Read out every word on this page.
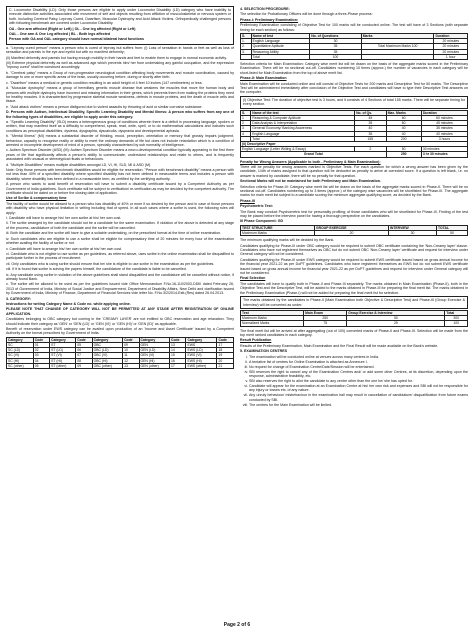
C. Locomotor Disability (LD): Only those persons are eligible to apply under Locomotor Disability (LD) category who have inability to execute distinctive activities associated with movement of self and objects resulting from affliction of musculoskeletal or nervous system or both. Including Cerebral Palsy, Leprosy Cured, Dwarfism, Muscular Dystrophy and Acid Attack Victims. Orthopedically challenged persons with following benchmark are covered under Locomotor Disability.

OA - One arm affected (Right or Left) | OL - One leg affected (Right or Left)

OAL - One arm & One Leg affected | BL - Both legs affected

Person with OA and OAL category should have normal bilateral hand functions

a. "Leprosy cured person" means a person who is cured of leprosy but suffers from: (i) Loss of sensation in hands or feet as well as loss of sensation and paresis in the eye and eyelid but with no manifest deformity;

(ii) Manifest deformity and paresis but having enough mobility in their hands and feet to enable them to engage in normal economic activity.

(iii) Extreme physical deformity as well as advanced age which prevents him/ her from undertaking any gainful occupation, and the expression "leprosy cured" shall be construed accordingly.

b. "Cerebral palsy" means a Group of non-progressive neurological condition affecting body movements and muscle coordination, caused by damage to one or more specific areas of the brain, usually occurring before, during or shortly after birth.

c. "Dwarfism" means a medical or genetic condition resulting in an adult height of 4 feet 10 inches (147 centimeters) or less.

d. "Muscular dystrophy" means a group of hereditary genetic muscle disease that weakens the muscles that move the human body and persons with multiple dystrophy have incorrect and missing information in their genes, which prevents them from making the proteins they need for healthy muscles. It is characterised by progressive skeletal muscle weakness, defects in muscle proteins, and the death of muscle cells and tissue.

e. "Acid attack victims" means a person disfigured due to violent assaults by throwing of acid or similar corrosive substance.

D. Persons with Autism, Intellectual Disability, Specific Learning Disability and Mental Illness: A person who suffers from any one of the following types of disabilities, are eligible to apply under this category.

a. "Specific Learning Disability" (SLD) means a heterogeneous group of conditions wherein there is a deficit in processing language, spoken or written, that may manifest itself as a difficulty to comprehend, speak, read, write, spell, or to do mathematical calculations and includes such conditions as perceptual disabilities, dyslexia, dysgraphia, dyscalculia, dyspraxia and developmental aphasia.

b. "Mental Illness" (MI) means a substantial disorder of thinking, mood, perception, orientation or memory that grossly impairs judgment, behaviour, capacity to recognise reality or ability to meet the ordinary demands of life but does not include retardation which is a condition of arrested or incomplete development of mind of a person, specially characterised by sub normality of intelligence.

c. Autism Spectrum Disorder (ASD) (M): Autism Spectrum Disorder means a neuro-developmental condition typically appearing in the first three years of life that significantly affects a person's ability to communicate, understand relationships and relate to others, and is frequently associated with unusual or stereotypical rituals or behaviours.

d. "Multiple Disabilities" means multiple disabilities amongst LD, VI, HI, SLD, MI & ASD (M).

Note: Only those persons with benchmark disabilities would be eligible for reservation. "Person with benchmark disability" means a person with not less than 40% of a specified disability where specified disability has not been defined in measurable terms and includes a person with disability, where disability has been defined in a measurable term, as certified by the certifying authority.

A person who wants to avail benefit of reservation will have to submit a disability certificate issued by a Competent Authority as per Government of India guidelines. Such certificate will be subject to verification/ re-verification as may be decided by the competent authority. The certificate should be dated on or before the closing date of application.

Use of Scribe & compensatory time

The facility of scribe would be allowed to a person who has disability of 40% or more if so desired by the person and in case of those persons with disability who have physical limitation in writing including that of speed. In all such cases where a scribe is used, the following rules will apply:

i. Candidate will have to arrange his/ her own scribe at his/ her own cost.

ii. The scribe arranged by the candidate should not be a candidate for the same examination. If violation of the above is detected at any stage of the process, candidature of both the candidate and the scribe will be cancelled.

iii. Both the candidate and the scribe will have to give a suitable undertaking, on the prescribed format at the time of online examination.

iv. Such candidates who are eligible to use a scribe shall be eligible for compensatory time of 20 minutes for every hour of the examination whether availing the facility of scribe or not.

v. Candidate will have to arrange his/ her own scribe at his/ her own cost.

vi. Candidate who is not eligible to use scribe as per guidelines, as referred above, uses scribe in the online examination shall be disqualified to participate further in the process of recruitment.

vii. Only candidates who is using scribe should ensure that he/ she is eligible to use scribe in the examination as per the guidelines.

viii. If it is found that scribe is solving the papers himself, the candidature of the candidate is liable to be cancelled.

ix. Any candidate using scribe in violation of the above guidelines shall stand disqualified and the candidature will be cancelled without notice, if already found Bank.

x. The scribe will be allowed to be used as per the guidelines issued vide Office Memorandum F.No.16-110/2003-DDIII dated February 26, 2013 of Government of India, Ministry of Social Justice and Empowerment, Department of Disability Affairs, New Delhi and clarification issued by Government of India, Ministry of Finance, Department of Financial Services vide letter No. F.No.3/2/2014-Estt.(Res) dated 26.04.2013.

3. CATEGORY:

Instructions for writing Category Name & Code no. while applying online.

PLEASE NOTE THAT CHANGE OF CATEGORY WILL NOT BE PERMITTED AT ANY STAGE AFTER REGISTRATION OF ONLINE APPLICATION.

Candidates belonging to OBC category but coming in the 'CREAMY LAYER' are not entitled to OBC reservation and age relaxation. They should indicate their category as 'GEN' or 'GEN (LD)' or 'GEN (VI)' or 'GEN (HI)' or 'GEN (ID)' as applicable.

Benefit of reservation under EWS category can be availed upon production of an 'Income and Asset Certificate' issued by a Competent Authority on the format prescribed by Government of India.

Category	Code	Category	Code	Category	Code	Category	Code	Category	Code
SC	01	ST	05	OBC	09	GEN	13	EWS	17
SC (LD)	02	ST (LD)	06	OBC (LD)	10	GEN (LD)	14	EWS (LD)	18
SC (VI)	03	ST (VI)	07	OBC (VI)	11	GEN (VI)	15	EWS (VI)	19
SC (HI)	04	ST (HI)	08	OBC (HI)	12	GEN (HI)	16	EWS (HI)	20
SC (other)	05	ST (other)	09	OBC (other)	13	GEN (other)	17	EWS (other)	21

4. SELECTION PROCEDURE:

The selection for Probationary Officers will be done through a three-Phase process:

Phase-I: Preliminary Examination:

Preliminary Examination consisting of Objective Test for 100 marks will be conducted online. The test will have of 3 Sections (with separate timing for each section) as follows:

S.	Name of test	No. of Questions	Marks	Duration
1.	English Language	30		20 minutes
2.	Quantitative Aptitude	35	Total Maximum Marks 100	20 minutes
3.	Reasoning Ability	35		20 minutes
	Total	100		1 hour

Selection criteria for Main Examination: Category wise merit list will be drawn on the basis of the aggregate marks scored in the Preliminary Examination. There will be no sectional cut-off. Candidates numbering 10 times (approx.) the number of vacancies in each category will be short-listed for Main Examination from the top of above merit list.

Phase-II: Main Examination

Main Examination will be conducted online and will consist of Objective Tests for 200 marks and Descriptive Test for 50 marks. The Descriptive Test will be administered immediately after conclusion of the Objective Test and candidates will have to type their Descriptive Test answers on the computer.

(i) Objective Test: The duration of objective test is 3 hours, and it consists of 4 Sections of total 155 marks. There will be separate timing for every section.

S.	Name of the test	No. of Qs.	Max. Marks	Duration
1	Reasoning & Computer Aptitude	45	60	60 minutes
2	Data Analysis & Interpretation	35	60	45 minutes
3	General/ Economy/ Banking Awareness	40	40	35 minutes
4	English Language	35	40	40 minutes
	Total	155	200	3 hours
(ii) Descriptive Paper				
English Language (Letter Writing & Essay)		2	50	30 minutes
Grand Total			250	3 hr 30 minutes

Penalty for Wrong Answers (Applicable to both - Preliminary & Main Examination):

There will be penalty for wrong answers marked in Objective Tests. For each question for which a wrong answer has been given by the candidate, 1/4th of marks assigned to that question will be deducted as penalty to arrive at corrected score. If a question is left blank, i.e. no answer is marked by candidate, there will be no penalty for that question.

Sectional Marks will not be maintained for both Preliminary and Main Examination.

Selection criteria for Phase-III: Category wise merit list will be drawn on the basis of the aggregate marks scored in Phase-II. There will be no sectional cut-off. Candidates numbering up to 3 times (approx.) of the category wise vacancies will be shortlisted for Phase-III. The aggregate marks for main merit list subject to a candidate scoring the minimum aggregate qualifying score, as decided by the Bank.

Phase-III

Psychometric Test:

The Bank may conduct Psychometric test for personality profiling; of those candidates who will be shortlisted for Phase-III. Finding of the test may be placed before the interview panel for having a thorough perspective on the candidates.

III Phase Component: GD

TEST STRUCTURE	GROUP EXERCISE	INTERVIEW	TOTAL
Maximum Marks	20	30	50

The minimum qualifying marks will be decided by the Bank.

Candidates qualifying for Phase-III under OBC category would be required to submit OBC certificate containing the 'Non-Creamy layer' clause. Candidates who have not registered themselves as OBC but do not submit OBC 'Non-Creamy layer' certificate and request for interview under General category will not be considered.

Candidates qualifying for Phase-III under EWS category would be required to submit EWS certificate issued based on gross annual income for the financial year 2021-22 as per DoPT guidelines. Candidates who have registered themselves as EWS but do not submit EWS certificate issued based on gross annual income for financial year 2021-22 as per DoPT guidelines and request for interview under General category will not be considered.

Final Selection

The candidates will have to qualify both in Phase-II and Phase-III separately. The marks obtained in Main Examination (Phase-II), both in the Objective Test and the Descriptive Test, will be added to the marks obtained in Phase-III for preparing the final merit list. The marks obtained in the Preliminary Examination (Phase-I) will not be added for preparing the final merit list for selection.

The marks obtained by the candidates in Phase-II (Main Examination both Objective & Descriptive Test) and Phase-III (Group Exercise & Interview) will be converted as under:

Test	Main Exam	Group Exercise & Interview	Total
Maximum Marks	250	50	300
Normalized Marks	75	25	100

The final merit list will be arrived at after aggregating (out of 100) converted marks of Phase-II and Phase-III. Selection will be made from the top merit ranked candidates in each category.

Result Publication

Results of the Preliminary Examination, Main Examination and the Final Result will be made available on the Bank's website.

5. EXAMINATION CENTRES

i. The examination will be conducted online at venues across many centres in India.
ii. A tentative list of centres for Online Examination is attached as Annexure I.
iii. No request for change of Examination Centre/Date/Session will be entertained.
iv. SBI reserves the right to cancel any of the Examination Centres and/ or add some other Centres, at its discretion, depending upon the response, administrative feasibility, etc.
v. SBI also reserves the right to allot the candidate to any centre other than the one he/ she has opted for.
vi. Candidate will appear for the examination at an Examination Centre at his/ her own risk and expenses and SBI will not be responsible for any injury or losses etc. of any nature.
vii. Any unruly behaviour/ misbehaviour in the examination hall may result in cancellation of candidature/ disqualification from future exams conducted by SBI.
viii. The centres for the Main Examination will be limited.
Page 2 of 6
